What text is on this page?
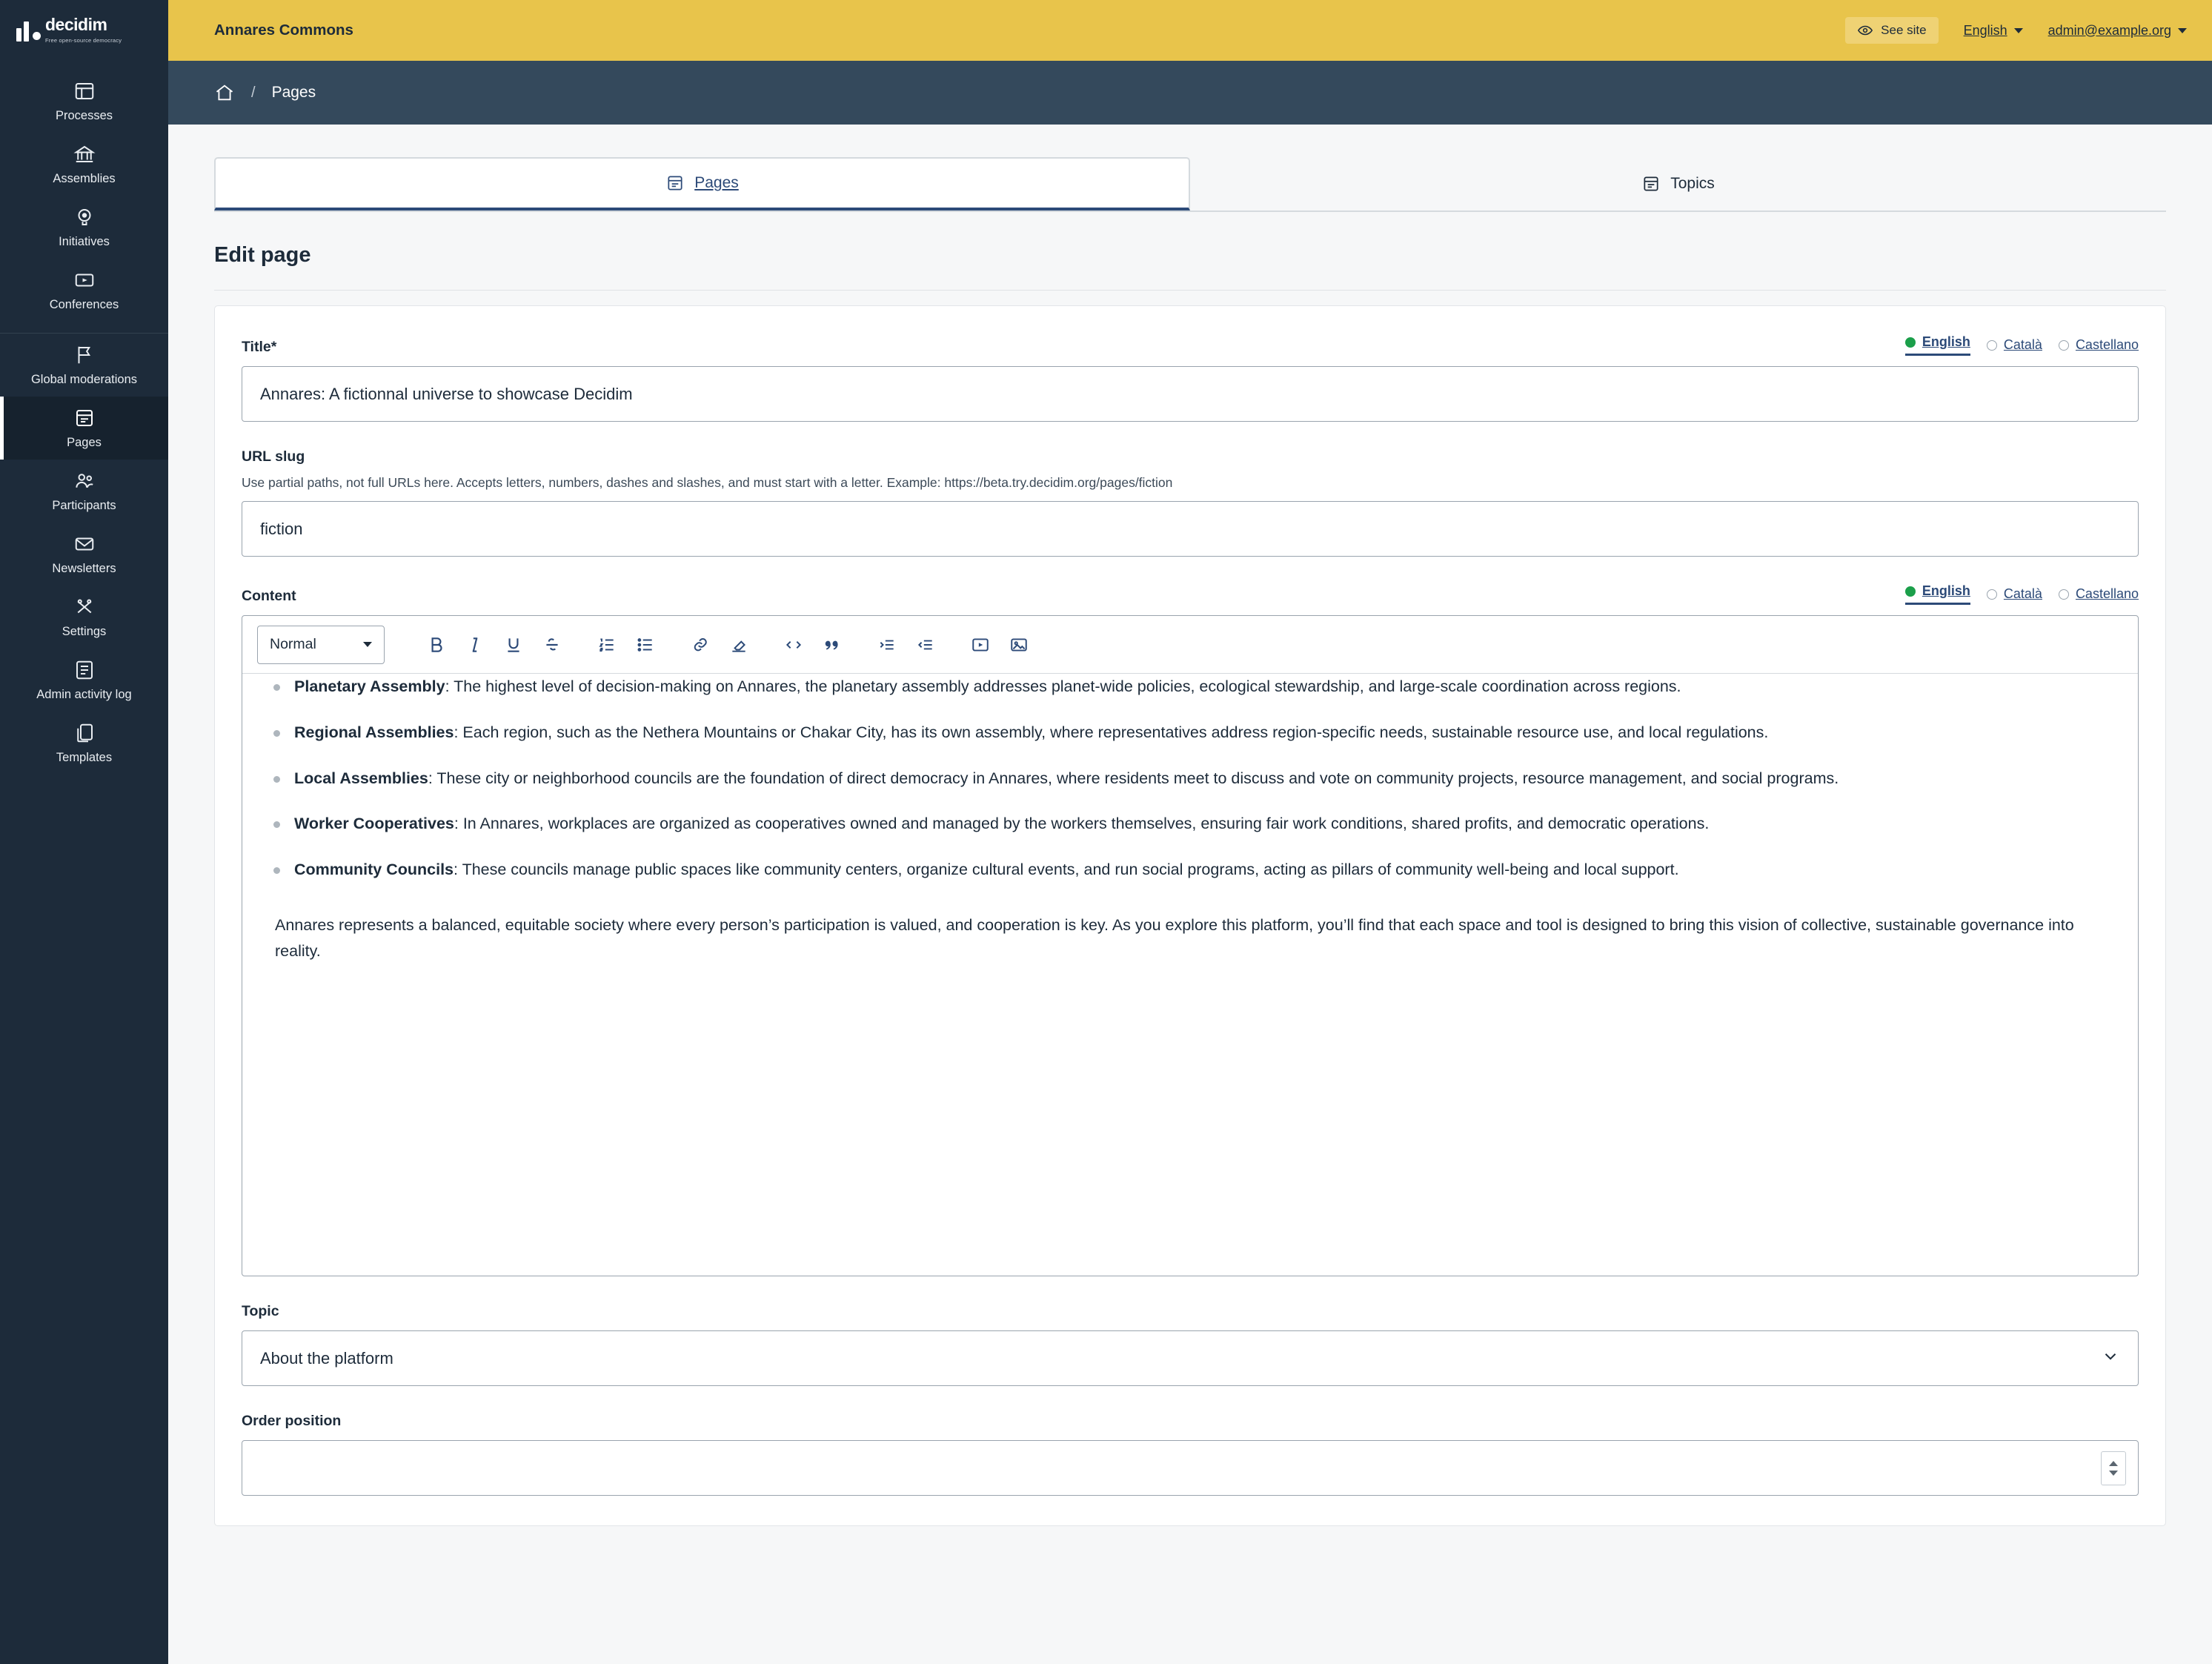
decidim
Free open-source democracy
Processes
Assemblies
Initiatives
Conferences
Global moderations
Pages
Participants
Newsletters
Settings
Admin activity log
Templates
Annares Commons	See site	English	admin@example.org
/ Pages
Pages	Topics
Edit page
Title*	English	Català	Castellano
Annares: A fictionnal universe to showcase Decidim
URL slug
Use partial paths, not full URLs here. Accepts letters, numbers, dashes and slashes, and must start with a letter. Example: https://beta.try.decidim.org/pages/fiction
fiction
Content	English	Català	Castellano
Normal
Planetary Assembly: The highest level of decision-making on Annares, the planetary assembly addresses planet-wide policies, ecological stewardship, and large-scale coordination across regions.
Regional Assemblies: Each region, such as the Nethera Mountains or Chakar City, has its own assembly, where representatives address region-specific needs, sustainable resource use, and local regulations.
Local Assemblies: These city or neighborhood councils are the foundation of direct democracy in Annares, where residents meet to discuss and vote on community projects, resource management, and social programs.
Worker Cooperatives: In Annares, workplaces are organized as cooperatives owned and managed by the workers themselves, ensuring fair work conditions, shared profits, and democratic operations.
Community Councils: These councils manage public spaces like community centers, organize cultural events, and run social programs, acting as pillars of community well-being and local support.

Annares represents a balanced, equitable society where every person’s participation is valued, and cooperation is key. As you explore this platform, you’ll find that each space and tool is designed to bring this vision of collective, sustainable governance into reality.

Topic
About the platform
Order position
